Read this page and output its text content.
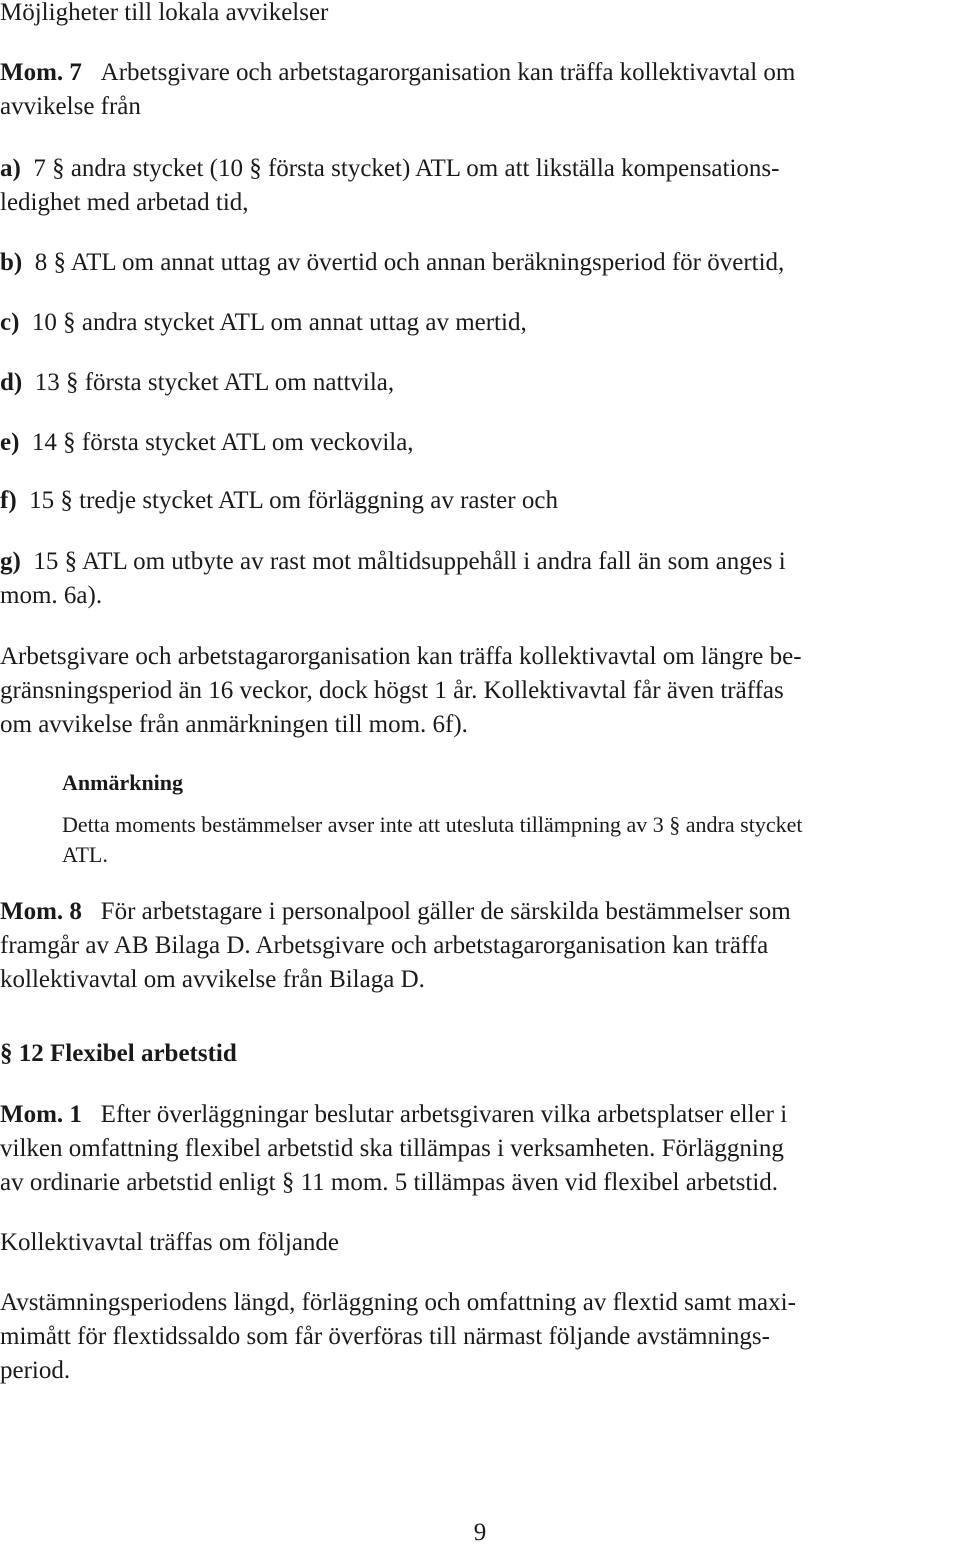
Möjligheter till lokala avvikelser
Mom. 7 Arbetsgivare och arbetstagarorganisation kan träffa kollektivavtal om
avvikelse från
a) 7 § andra stycket (10 § första stycket) ATL om att likställa kompensations-
ledighet med arbetad tid,
b) 8 § ATL om annat uttag av övertid och annan beräkningsperiod för övertid,
c) 10 § andra stycket ATL om annat uttag av mertid,
d) 13 § första stycket ATL om nattvila,
e) 14 § första stycket ATL om veckovila,
f) 15 § tredje stycket ATL om förläggning av raster och
g) 15 § ATL om utbyte av rast mot måltidsuppehåll i andra fall än som anges i
mom. 6a).
Arbetsgivare och arbetstagarorganisation kan träffa kollektivavtal om längre be-
gränsningsperiod än 16 veckor, dock högst 1 år. Kollektivavtal får även träffas
om avvikelse från anmärkningen till mom. 6f).
Anmärkning
Detta moments bestämmelser avser inte att utesluta tillämpning av 3 § andra stycket
ATL.
Mom. 8 För arbetstagare i personalpool gäller de särskilda bestämmelser som
framgår av AB Bilaga D. Arbetsgivare och arbetstagarorganisation kan träffa
kollektivavtal om avvikelse från Bilaga D.
§ 12 Flexibel arbetstid
Mom. 1 Efter överläggningar beslutar arbetsgivaren vilka arbetsplatser eller i
vilken omfattning flexibel arbetstid ska tillämpas i verksamheten. Förläggning
av ordinarie arbetstid enligt § 11 mom. 5 tillämpas även vid flexibel arbetstid.
Kollektivavtal träffas om följande
Avstämningsperiodens längd, förläggning och omfattning av flextid samt maxi-
mimått för flextidssaldo som får överföras till närmast följande avstämnings-
period.
9
